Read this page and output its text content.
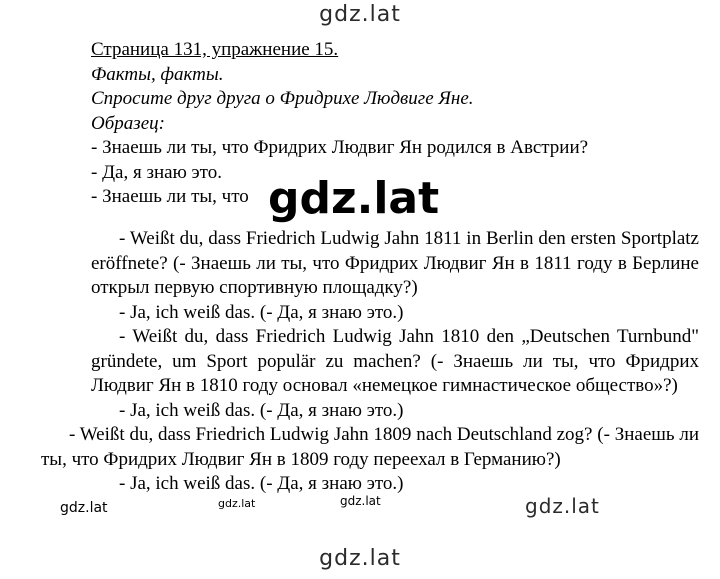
gdz.lat

Страница 131, упражнение 15.

Факты, факты.

Спросите друг друга о Фридрихе Людвиге Яне.

Образец:

- Знаешь ли ты, что Фридрих Людвиг Ян родился в Австрии?

- Да, я знаю это.

- Знаешь ли ты, что

- Weißt du, dass Friedrich Ludwig Jahn 1811 in Berlin den ersten Sportplatz eröffnete? (- Знаешь ли ты, что Фридрих Людвиг Ян в 1811 году в Берлине открыл первую спортивную площадку?)

- Ja, ich weiß das. (- Да, я знаю это.)

- Weißt du, dass Friedrich Ludwig Jahn 1810 den „Deutschen Turnbund" gründete, um Sport populär zu machen? (- Знаешь ли ты, что Фридрих Людвиг Ян в 1810 году основал «немецкое гимнастическое общество»?)

- Ja, ich weiß das. (- Да, я знаю это.)

- Weißt du, dass Friedrich Ludwig Jahn 1809 nach Deutschland zog? (- Знаешь ли ты, что Фридрих Людвиг Ян в 1809 году переехал в Германию?)

- Ja, ich weiß das. (- Да, я знаю это.)

gdz.lat
gdz.lat	gdz.lat	gdz.lat	gdz.lat
gdz.lat
